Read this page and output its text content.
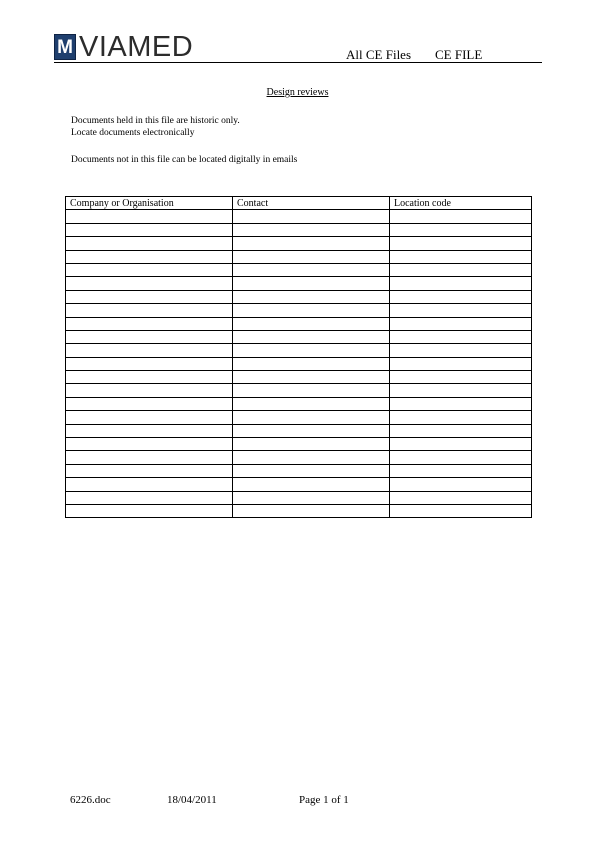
M VIAMED	All CE Files CE FILE
Design reviews

Documents held in this file are historic only.

Locate documents electronically

Documents not in this file can be located digitally in emails

Company or Organisation	Contact	Location code

6226.doc	18/04/2011	Page 1 of 1
